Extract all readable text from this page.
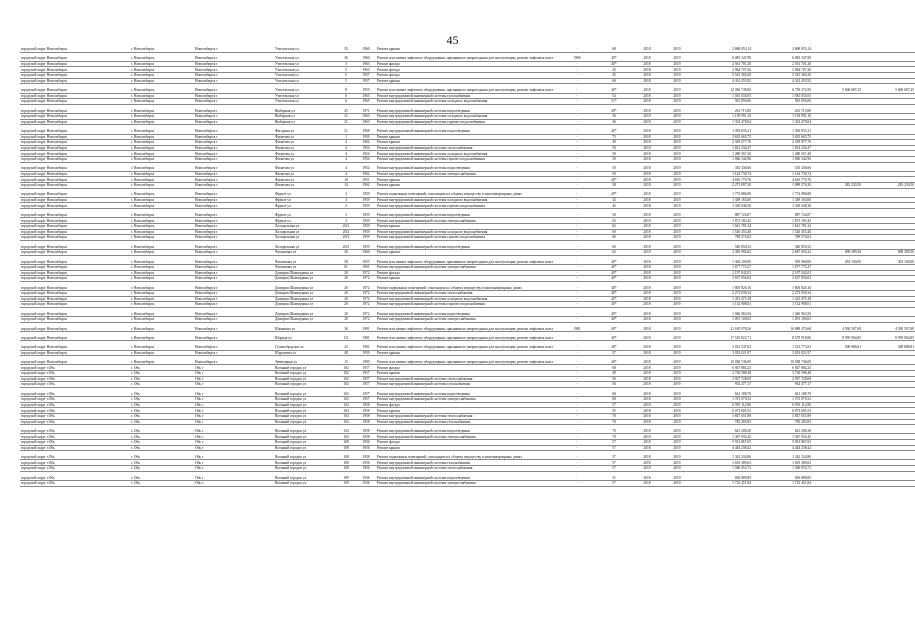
45
городской округ Новосибирск	г. Новосибирск	Новосибирск г	Учительская ул	35	1960	Ремонт крыши	-	68	2018	2019	2 868 053,14	2 868 053,14		
городской округ Новосибирск	г. Новосибирск	Новосибирск г	Учительская ул	36	1960	Ремонт или замена лифтового оборудования, признанного непригодным для эксплуатации, ремонт лифтовых шахт	1960	40*	2018	2019	6 083 347,98	6 083 347,98		
городской округ Новосибирск	г. Новосибирск	Новосибирск г	Учительская ул	3	1963	Ремонт фасада	-	40*	2018	2019	2 561 701,20	2 561 701,20		
городской округ Новосибирск	г. Новосибирск	Новосибирск г	Учительская ул	5	1963	Ремонт фасада	-	43	2018	2019	3 964 707,26	3 964 707,26		
городской округ Новосибирск	г. Новосибирск	Новосибирск г	Учительская ул	5	1957	Ремонт фасада	-	45	2018	2019	5 525 360,20	5 525 360,20		
городской округ Новосибирск	г. Новосибирск	Новосибирск г	Учительская ул	5	1957	Ремонт крыши	-	60	2018	2019	4 414 453,92	4 414 453,92		
городской округ Новосибирск	г. Новосибирск	Новосибирск г	Учительская ул	8	1955	Ремонт или замена лифтового оборудования, признанного непригодным для эксплуатации, ремонт лифтовых шахт	-	40*	2018	2019	12 356 749,00	6 750 374,50	5 606 687,25	5 606 687,25
городской округ Новосибирск	г. Новосибирск	Новосибирск г	Учительская ул	6	1965	Ремонт внутридомовой инженерной системы газоснабжения	-	54	2018	2019	1 581 035,05	1 581 035,05		
городской округ Новосибирск	г. Новосибирск	Новосибирск г	Учительская ул	6	1965	Ремонт внутридомовой инженерной системы холодного водоснабжения	-	31*	2018	2019	581 856,06	581 856,06		
городской округ Новосибирск	г. Новосибирск	Новосибирск г	Выборная ул	45	1971	Ремонт внутридомовой инженерной системы водоотведения	-	49*	2018	2019	261 715,80	261 715,80		
городской округ Новосибирск	г. Новосибирск	Новосибирск г	Выборная ул	21	1963	Ремонт внутридомовой инженерной системы холодного водоснабжения	-	36	2018	2019	1 139 991,10	1 139 991,10		
городской округ Новосибирск	г. Новосибирск	Новосибирск г	Выборная ул	21	1963	Ремонт внутридомовой инженерной системы горячего водоснабжения	-	36	2018	2019	1 334 478,04	1 334 478,04		
городской округ Новосибирск	г. Новосибирск	Новосибирск г	Фасадная ул	21	1968	Ремонт внутридомовой инженерной системы водоотведения	-	40*	2018	2019	1 392 835,21	1 392 835,21		
городской округ Новосибирск	г. Новосибирск	Новосибирск г	Филатова ул	1	1959	Ремонт крыши	-	73	2018	2019	3 635 665,75	3 635 665,75		
городской округ Новосибирск	г. Новосибирск	Новосибирск г	Филатова ул	2	1962	Ремонт крыши	-	49	2018	2019	2 339 077,76	2 339 077,76		
городской округ Новосибирск	г. Новосибирск	Новосибирск г	Филатова ул	4	1954	Ремонт внутридомовой инженерной системы теплоснабжения	-	50	2018	2019	1 814 234,47	1 814 234,47		
городской округ Новосибирск	г. Новосибирск	Новосибирск г	Филатова ул	4	1954	Ремонт внутридомовой инженерной системы холодного водоснабжения	-	50	2018	2019	1 280 567,40	1 280 567,40		
городской округ Новосибирск	г. Новосибирск	Новосибирск г	Филатова ул	4	1954	Ремонт внутридомовой инженерной системы горячего водоснабжения	-	50	2018	2019	1 066 342,96	1 066 342,96		
городской округ Новосибирск	г. Новосибирск	Новосибирск г	Филатова ул	4	1954	Ремонт внутридомовой инженерной системы водоотведения	-	50	2018	2019	335 436,66	335 436,66		
городской округ Новосибирск	г. Новосибирск	Новосибирск г	Филатова ул	4	1962	Ремонт внутридомовой инженерной системы электроснабжения	-	50	2018	2019	1 144 730,74	1 144 730,74		
городской округ Новосибирск	г. Новосибирск	Новосибирск г	Филатова ул	10	1951	Ремонт крыши	-	40*	2018	2019	4 616 770,76	4 616 770,76		
городской округ Новосибирск	г. Новосибирск	Новосибирск г	Филатова ул	14	1962	Ремонт крыши	-	38	2018	2019	2 272 897,20	1 989 576,20	283 230,50	283 230,50
городской округ Новосибирск	г. Новосибирск	Новосибирск г	Фрунзе ул	3	1959	Ремонт подвальных помещений, относящихся к общему имуществу в многоквартирных домах	-	49*	2018	2019	1 774 886,88	1 774 886,88		
городской округ Новосибирск	г. Новосибирск	Новосибирск г	Фрунзе ул	3	1959	Ремонт внутридомовой инженерной системы холодного водоснабжения	-	43	2018	2019	1 349 163,60	1 349 163,60		
городской округ Новосибирск	г. Новосибирск	Новосибирск г	Фрунзе ул	3	1959	Ремонт внутридомовой инженерной системы горячего водоснабжения	-	45	2018	2019	1 330 048,30	1 330 048,30		
городской округ Новосибирск	г. Новосибирск	Новосибирск г	Фрунзе ул	3	1959	Ремонт внутридомовой инженерной системы водоотведения	-	50	2018	2019	887 724,87	887 724,87		
городской округ Новосибирск	г. Новосибирск	Новосибирск г	Фрунзе ул	3	1959	Ремонт внутридомовой инженерной системы электроснабжения	-	43	2018	2019	1 873 183,43	1 873 183,43		
городской округ Новосибирск	г. Новосибирск	Новосибирск г	Холодильная ул	20/2	1959	Ремонт крыши	-	62	2018	2019	1 641 781,34	1 641 781,34		
городской округ Новосибирск	г. Новосибирск	Новосибирск г	Холодильная ул	20/2	1959	Ремонт внутридомовой инженерной системы холодного водоснабжения	-	60	2018	2019	1 526 453,40	1 526 453,40		
городской округ Новосибирск	г. Новосибирск	Новосибирск г	Холодильная ул	20/2	1959	Ремонт внутридомовой инженерной системы горячего водоснабжения	-	60	2018	2019	789 574,02	789 574,02		
городской округ Новосибирск	г. Новосибирск	Новосибирск г	Холодильная ул	20/2	1959	Ремонт внутридомовой инженерной системы водоотведения	-	60	2018	2019	540 850,52	540 850,52		
городской округ Новосибирск	г. Новосибирск	Новосибирск г	Чаплыгина ул	36	1960	Ремонт крыши	-	62	2018	2019	3 385 992,62	2 687 603,32	698 389,30	698 389,30
городской округ Новосибирск	г. Новосибирск	Новосибирск г	Чаплыгина ул	58	1955	Ремонт или замена лифтового оборудования, признанного непригодным для эксплуатации, ремонт лифтовых шахт	-	40*	2018	2019	1 363 100,00	910 000,00	453 100,00	453 100,00
городской округ Новосибирск	г. Новосибирск	Новосибирск г	Чаплыгина ул	61	1961	Ремонт внутридомовой инженерной системы электроснабжения	-	40*	2018	2019	1 677 775,27	1 677 775,27		
городской округ Новосибирск	г. Новосибирск	Новосибирск г	Дмитрия Шамшурина ул	20	1972	Ремонт фасада	-	40*	2018	2019	2 197 042,03	2 197 042,03		
городской округ Новосибирск	г. Новосибирск	Новосибирск г	Дмитрия Шамшурина ул	20	1972	Ремонт крыши	-	40*	2018	2019	3 637 956,02	3 637 956,02		
городской округ Новосибирск	г. Новосибирск	Новосибирск г	Дмитрия Шамшурина ул	20	1972	Ремонт подвальных помещений, относящихся к общему имуществу в многоквартирных домах	-	40*	2018	2019	1 805 826,16	1 805 826,16		
городской округ Новосибирск	г. Новосибирск	Новосибирск г	Дмитрия Шамшурина ул	20	1972	Ремонт внутридомовой инженерной системы теплоснабжения	-	40*	2018	2019	2 273 039,34	2 273 039,34		
городской округ Новосибирск	г. Новосибирск	Новосибирск г	Дмитрия Шамшурина ул	20	1972	Ремонт внутридомовой инженерной системы холодного водоснабжения	-	40*	2018	2019	1 413 475,18	1 413 475,18		
городской округ Новосибирск	г. Новосибирск	Новосибирск г	Дмитрия Шамшурина ул	20	1972	Ремонт внутридомовой инженерной системы горячего водоснабжения	-	40*	2018	2019	1 132 908,01	1 132 908,01		
городской округ Новосибирск	г. Новосибирск	Новосибирск г	Дмитрия Шамшурина ул	20	1972	Ремонт внутридомовой инженерной системы водоотведения	-	40*	2018	2019	1 046 963,56	1 046 963,56		
городской округ Новосибирск	г. Новосибирск	Новосибирск г	Дмитрия Шамшурина ул	20	1972	Ремонт внутридомовой инженерной системы электроснабжения	-	40*	2018	2019	1 091 100,63	1 091 100,63		
городской округ Новосибирск	г. Новосибирск	Новосибирск г	Шамшина ул	36	1981	Ремонт или замена лифтового оборудования, признанного непригодным для эксплуатации, ремонт лифтовых шахт	1981	40*	2018	2019	21 618 978,36	16 688 470,68	4 930 507,68	4 930 507,68
городской округ Новосибирск	г. Новосибирск	Новосибирск г	Шорная ул	111	1981	Ремонт или замена лифтового оборудования, признанного непригодным для эксплуатации, ремонт лифтовых шахт	-	40*	2018	2019	17 519 823,71	8 579 918,86	8 939 904,85	8 939 904,85
городской округ Новосибирск	г. Новосибирск	Новосибирск г	Гусинобродское ш	23	1981	Ремонт или замена лифтового оборудования, признанного непригодным для эксплуатации, ремонт лифтовых шахт	-	40*	2018	2019	2 012 547,63	1 513 773,81	508 886,81	508 886,81
городской округ Новосибирск	г. Новосибирск	Новосибирск г	Шурыгина ул	48	1959	Ремонт крыши	-	57	2018	2019	3 033 021,97	3 033 021,97		
городской округ Новосибирск	г. Новосибирск	Новосибирск г	Экваторная ул	15	1990	Ремонт или замена лифтового оборудования, признанного непригодным для эксплуатации, ремонт лифтовых шахт	-	40*	2018	2019	10 038 746,00	10 038 746,00		
городской округ г.Обь	г. Обь	Обь г	Военный городок ул	102	1957	Ремонт фасада	-	68	2018	2019	6 947 884,23	6 947 884,23		
городской округ г.Обь	г. Обь	Обь г	Военный городок ул	102	1957	Ремонт крыши	-	49	2018	2019	3 730 588,48	3 730 588,48		
городской округ г.Обь	г. Обь	Обь г	Военный городок ул	102	1957	Ремонт внутридомовой инженерной системы теплоснабжения	-	56	2018	2019	2 937 728,69	2 937 728,69		
городской округ г.Обь	г. Обь	Обь г	Военный городок ул	102	1957	Ремонт внутридомовой инженерной системы газоснабжения	-	56	2018	2019	934 477,17	934 477,17		
городской округ г.Обь	г. Обь	Обь г	Военный городок ул	102	1957	Ремонт внутридомовой инженерной системы водоотведения	-	68	2018	2019	641 188,70	641 188,70		
городской округ г.Обь	г. Обь	Обь г	Военный городок ул	102	1957	Ремонт внутридомовой инженерной системы электроснабжения	-	68	2018	2019	1 373 070,52	1 373 070,52		
городской округ г.Обь	г. Обь	Обь г	Военный городок ул	104	1958	Ремонт фасада	-	57	2018	2019	6 991 112,86	6 991 112,86		
городской округ г.Обь	г. Обь	Обь г	Военный городок ул	104	1958	Ремонт крыши	-	55	2018	2019	6 073 605,53	6 073 605,53		
городской округ г.Обь	г. Обь	Обь г	Военный городок ул	104	1958	Ремонт внутридомовой инженерной системы теплоснабжения	-	70	2018	2019	3 847 651,88	3 847 651,88		
городской округ г.Обь	г. Обь	Обь г	Военный городок ул	104	1958	Ремонт внутридомовой инженерной системы газоснабжения	-	70	2018	2019	785 283,83	785 283,83		
городской округ г.Обь	г. Обь	Обь г	Военный городок ул	104	1958	Ремонт внутридомовой инженерной системы водоотведения	-	70	2018	2019	641 208,30	641 208,30		
городской округ г.Обь	г. Обь	Обь г	Военный городок ул	104	1958	Ремонт внутридомовой инженерной системы электроснабжения	-	70	2018	2019	1 367 935,45	1 367 935,45		
городской округ г.Обь	г. Обь	Обь г	Военный городок ул	108	1956	Ремонт фасада	-	57	2018	2019	5 913 867,65	5 913 867,65		
городской округ г.Обь	г. Обь	Обь г	Военный городок ул	108	1956	Ремонт крыши	-	57	2018	2019	4 444 238,42	4 444 238,42		
городской округ г.Обь	г. Обь	Обь г	Военный городок ул	108	1956	Ремонт подвальных помещений, относящихся к общему имуществу в многоквартирных домах	-	57	2018	2019	1 342 334,86	1 342 334,86		
городской округ г.Обь	г. Обь	Обь г	Военный городок ул	108	1956	Ремонт внутридомовой инженерной системы газоснабжения	-	57	2018	2019	1 635 389,63	1 635 389,63		
городской округ г.Обь	г. Обь	Обь г	Военный городок ул	108	1956	Ремонт внутридомовой инженерной системы теплоснабжения	-	57	2018	2019	1 560 053,73	1 560 053,73		
городской округ г.Обь	г. Обь	Обь г	Военный городок ул	109	1936	Ремонт внутридомовой инженерной системы водоотведения	-	51	2018	2019	836 889,85	836 889,85		
городской округ г.Обь	г. Обь	Обь г	Военный городок ул	109	1936	Ремонт внутридомовой инженерной системы электроснабжения	-	57	2018	2019	1 723 451,84	1 723 451,84		
